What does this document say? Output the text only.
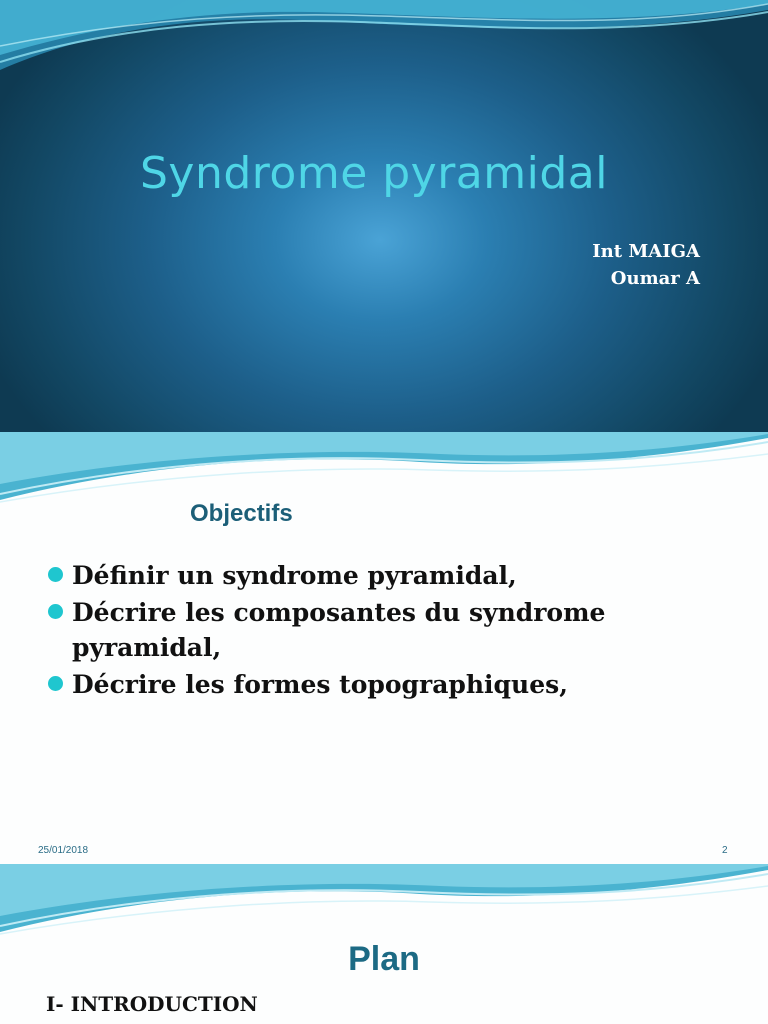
Syndrome pyramidal
Int MAIGA
Oumar A
Objectifs
Définir un syndrome pyramidal,
Décrire les composantes du syndrome pyramidal,
Décrire les formes topographiques,
25/01/2018	2
Plan
I- INTRODUCTION
